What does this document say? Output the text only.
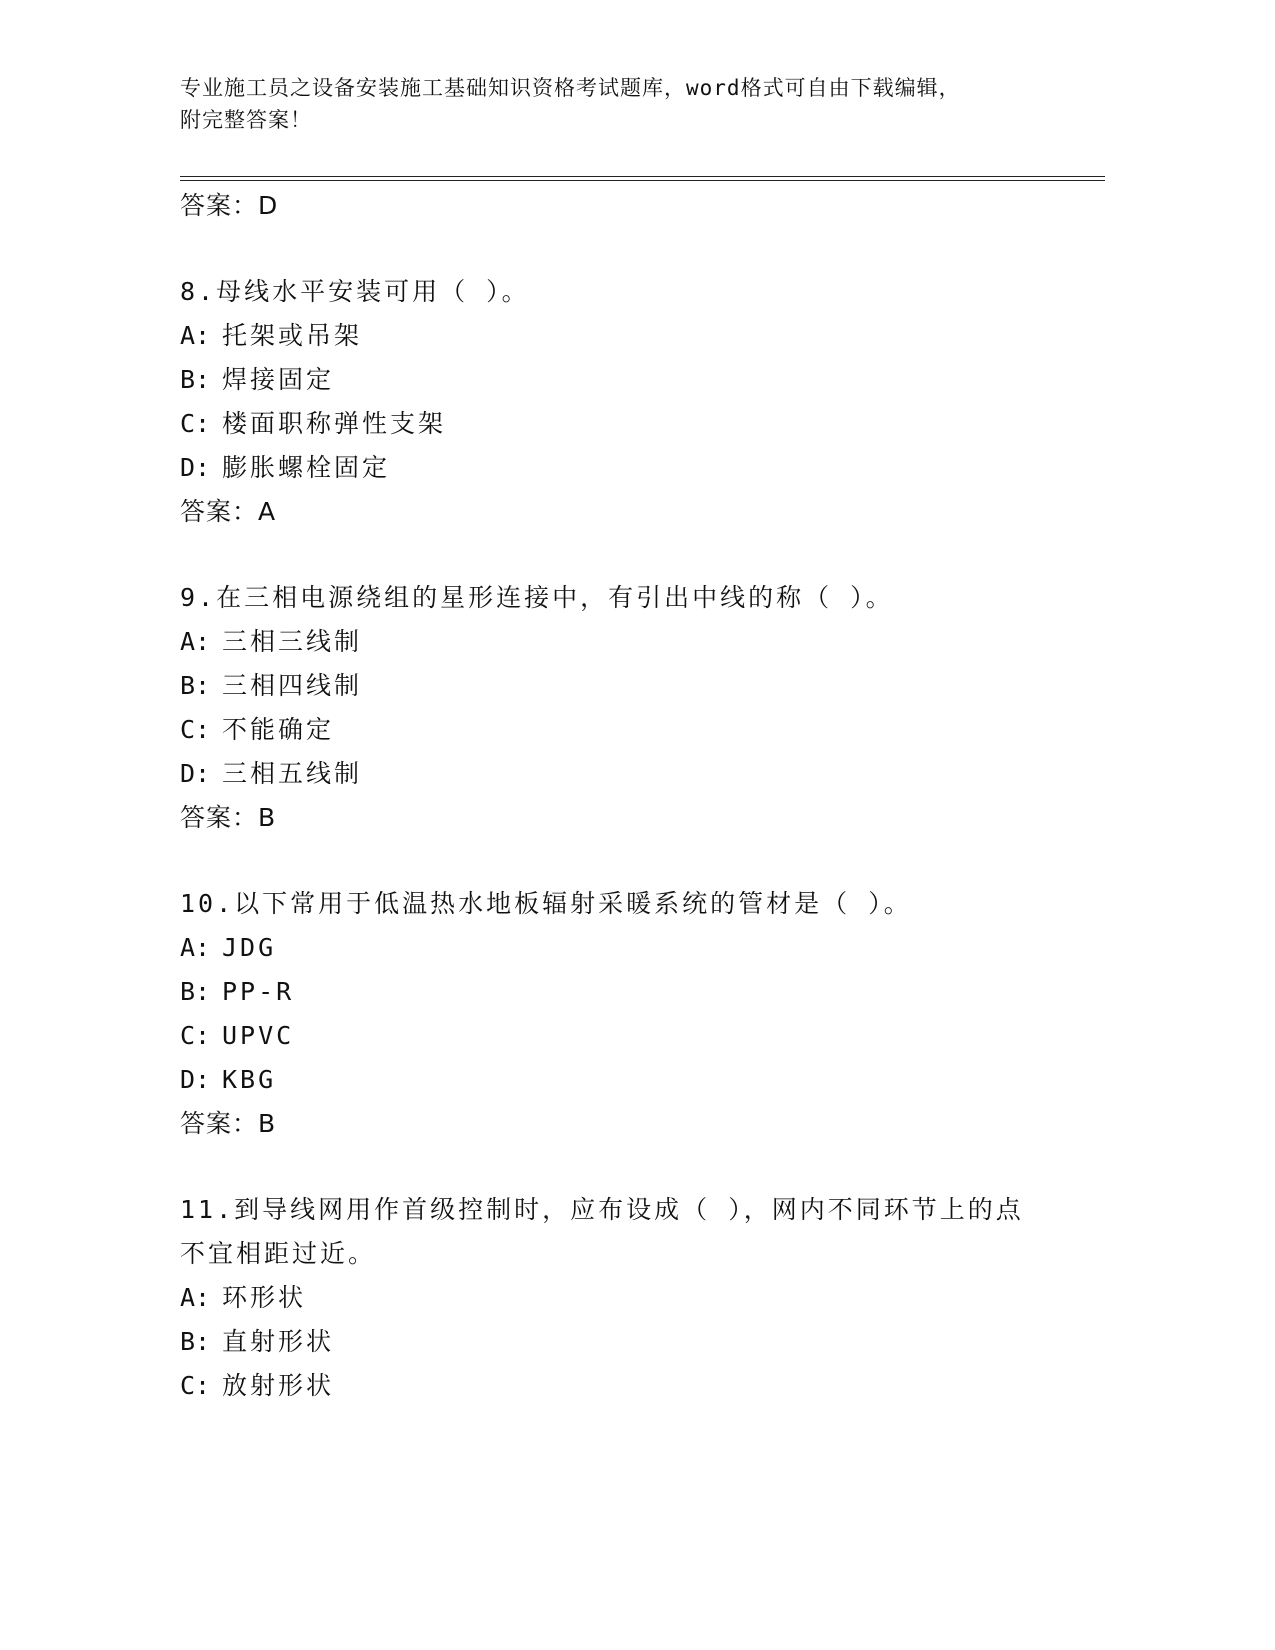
专业施工员之设备安装施工基础知识资格考试题库，word格式可自由下载编辑，
附完整答案！
答案：D
8.母线水平安装可用（ ）。
A: 托架或吊架
B: 焊接固定
C: 楼面职称弹性支架
D: 膨胀螺栓固定
答案：A
9.在三相电源绕组的星形连接中，有引出中线的称（ ）。
A: 三相三线制
B: 三相四线制
C: 不能确定
D: 三相五线制
答案：B
10.以下常用于低温热水地板辐射采暖系统的管材是（ ）。
A: JDG
B: PP-R
C: UPVC
D: KBG
答案：B
11.到导线网用作首级控制时，应布设成（ ），网内不同环节上的点不宜相距过近。
A: 环形状
B: 直射形状
C: 放射形状
